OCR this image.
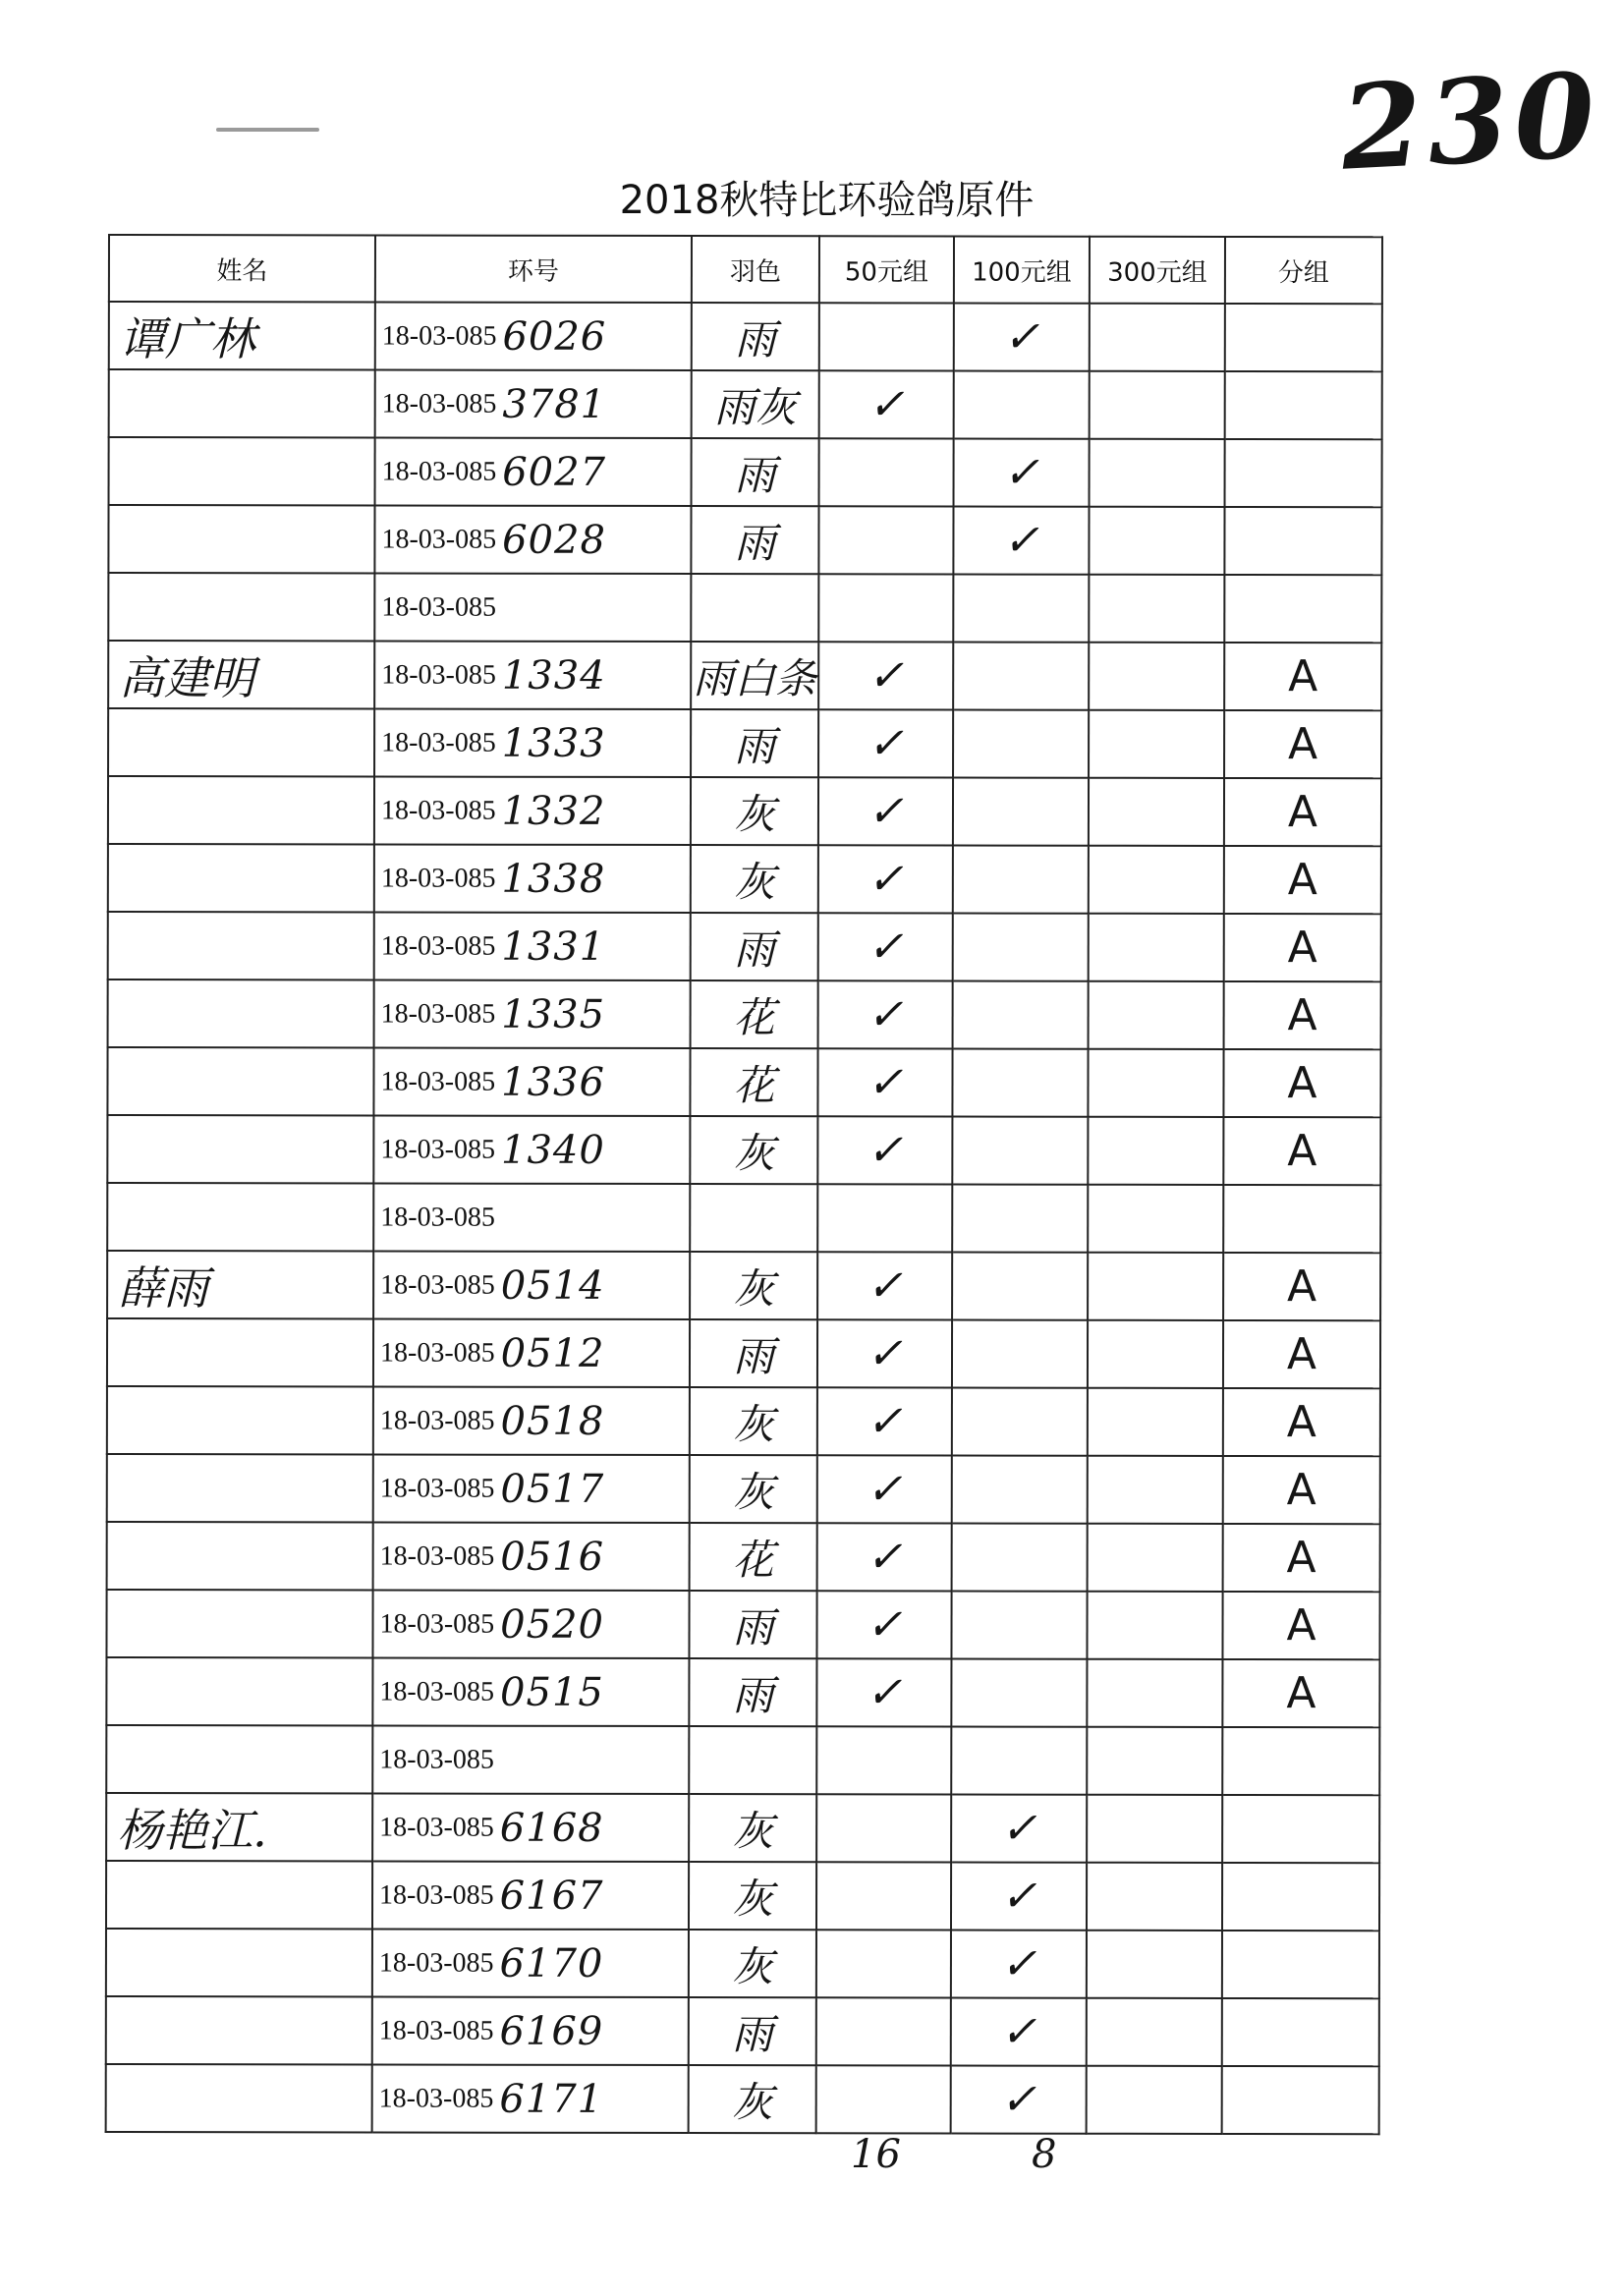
230
2018秋特比环验鸽原件
姓名	环号	羽色	50元组	100元组	300元组	分组
谭广林	18-03-085 6026	雨		✓		
	18-03-085 3781	雨灰	✓			
	18-03-085 6027	雨		✓		
	18-03-085 6028	雨		✓		
	18-03-085					
高建明	18-03-085 1334	雨白条	✓			A
	18-03-085 1333	雨	✓			A
	18-03-085 1332	灰	✓			A
	18-03-085 1338	灰	✓			A
	18-03-085 1331	雨	✓			A
	18-03-085 1335	花	✓			A
	18-03-085 1336	花	✓			A
	18-03-085 1340	灰	✓			A
	18-03-085					
薛雨	18-03-085 0514	灰	✓			A
	18-03-085 0512	雨	✓			A
	18-03-085 0518	灰	✓			A
	18-03-085 0517	灰	✓			A
	18-03-085 0516	花	✓			A
	18-03-085 0520	雨	✓			A
	18-03-085 0515	雨	✓			A
	18-03-085					
杨艳江.	18-03-085 6168	灰		✓		
	18-03-085 6167	灰		✓		
	18-03-085 6170	灰		✓		
	18-03-085 6169	雨		✓		
	18-03-085 6171	灰		✓		
16	8
